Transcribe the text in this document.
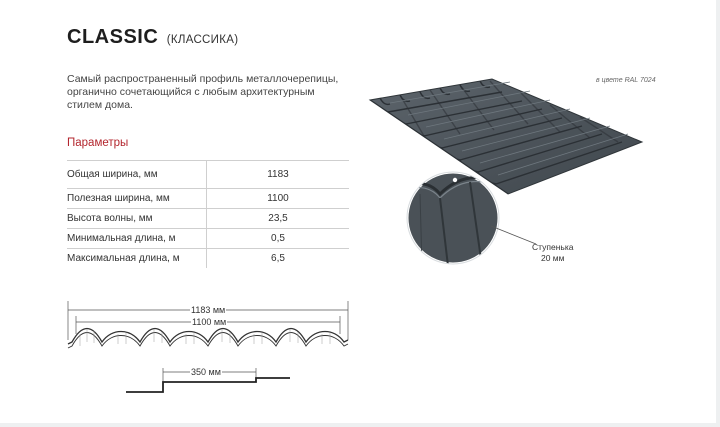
CLASSIC (КЛАССИКА)
Самый распространенный профиль металлочерепицы,
органично сочетающийся с любым архитектурным
стилем дома.
Параметры
Общая ширина, мм	1183
Полезная ширина, мм	1100
Высота волны, мм	23,5
Минимальная длина, м	0,5
Максимальная длина, м	6,5
в цвете RAL 7024
Ступенька
20 мм
1183 мм
1100 мм
350 мм
